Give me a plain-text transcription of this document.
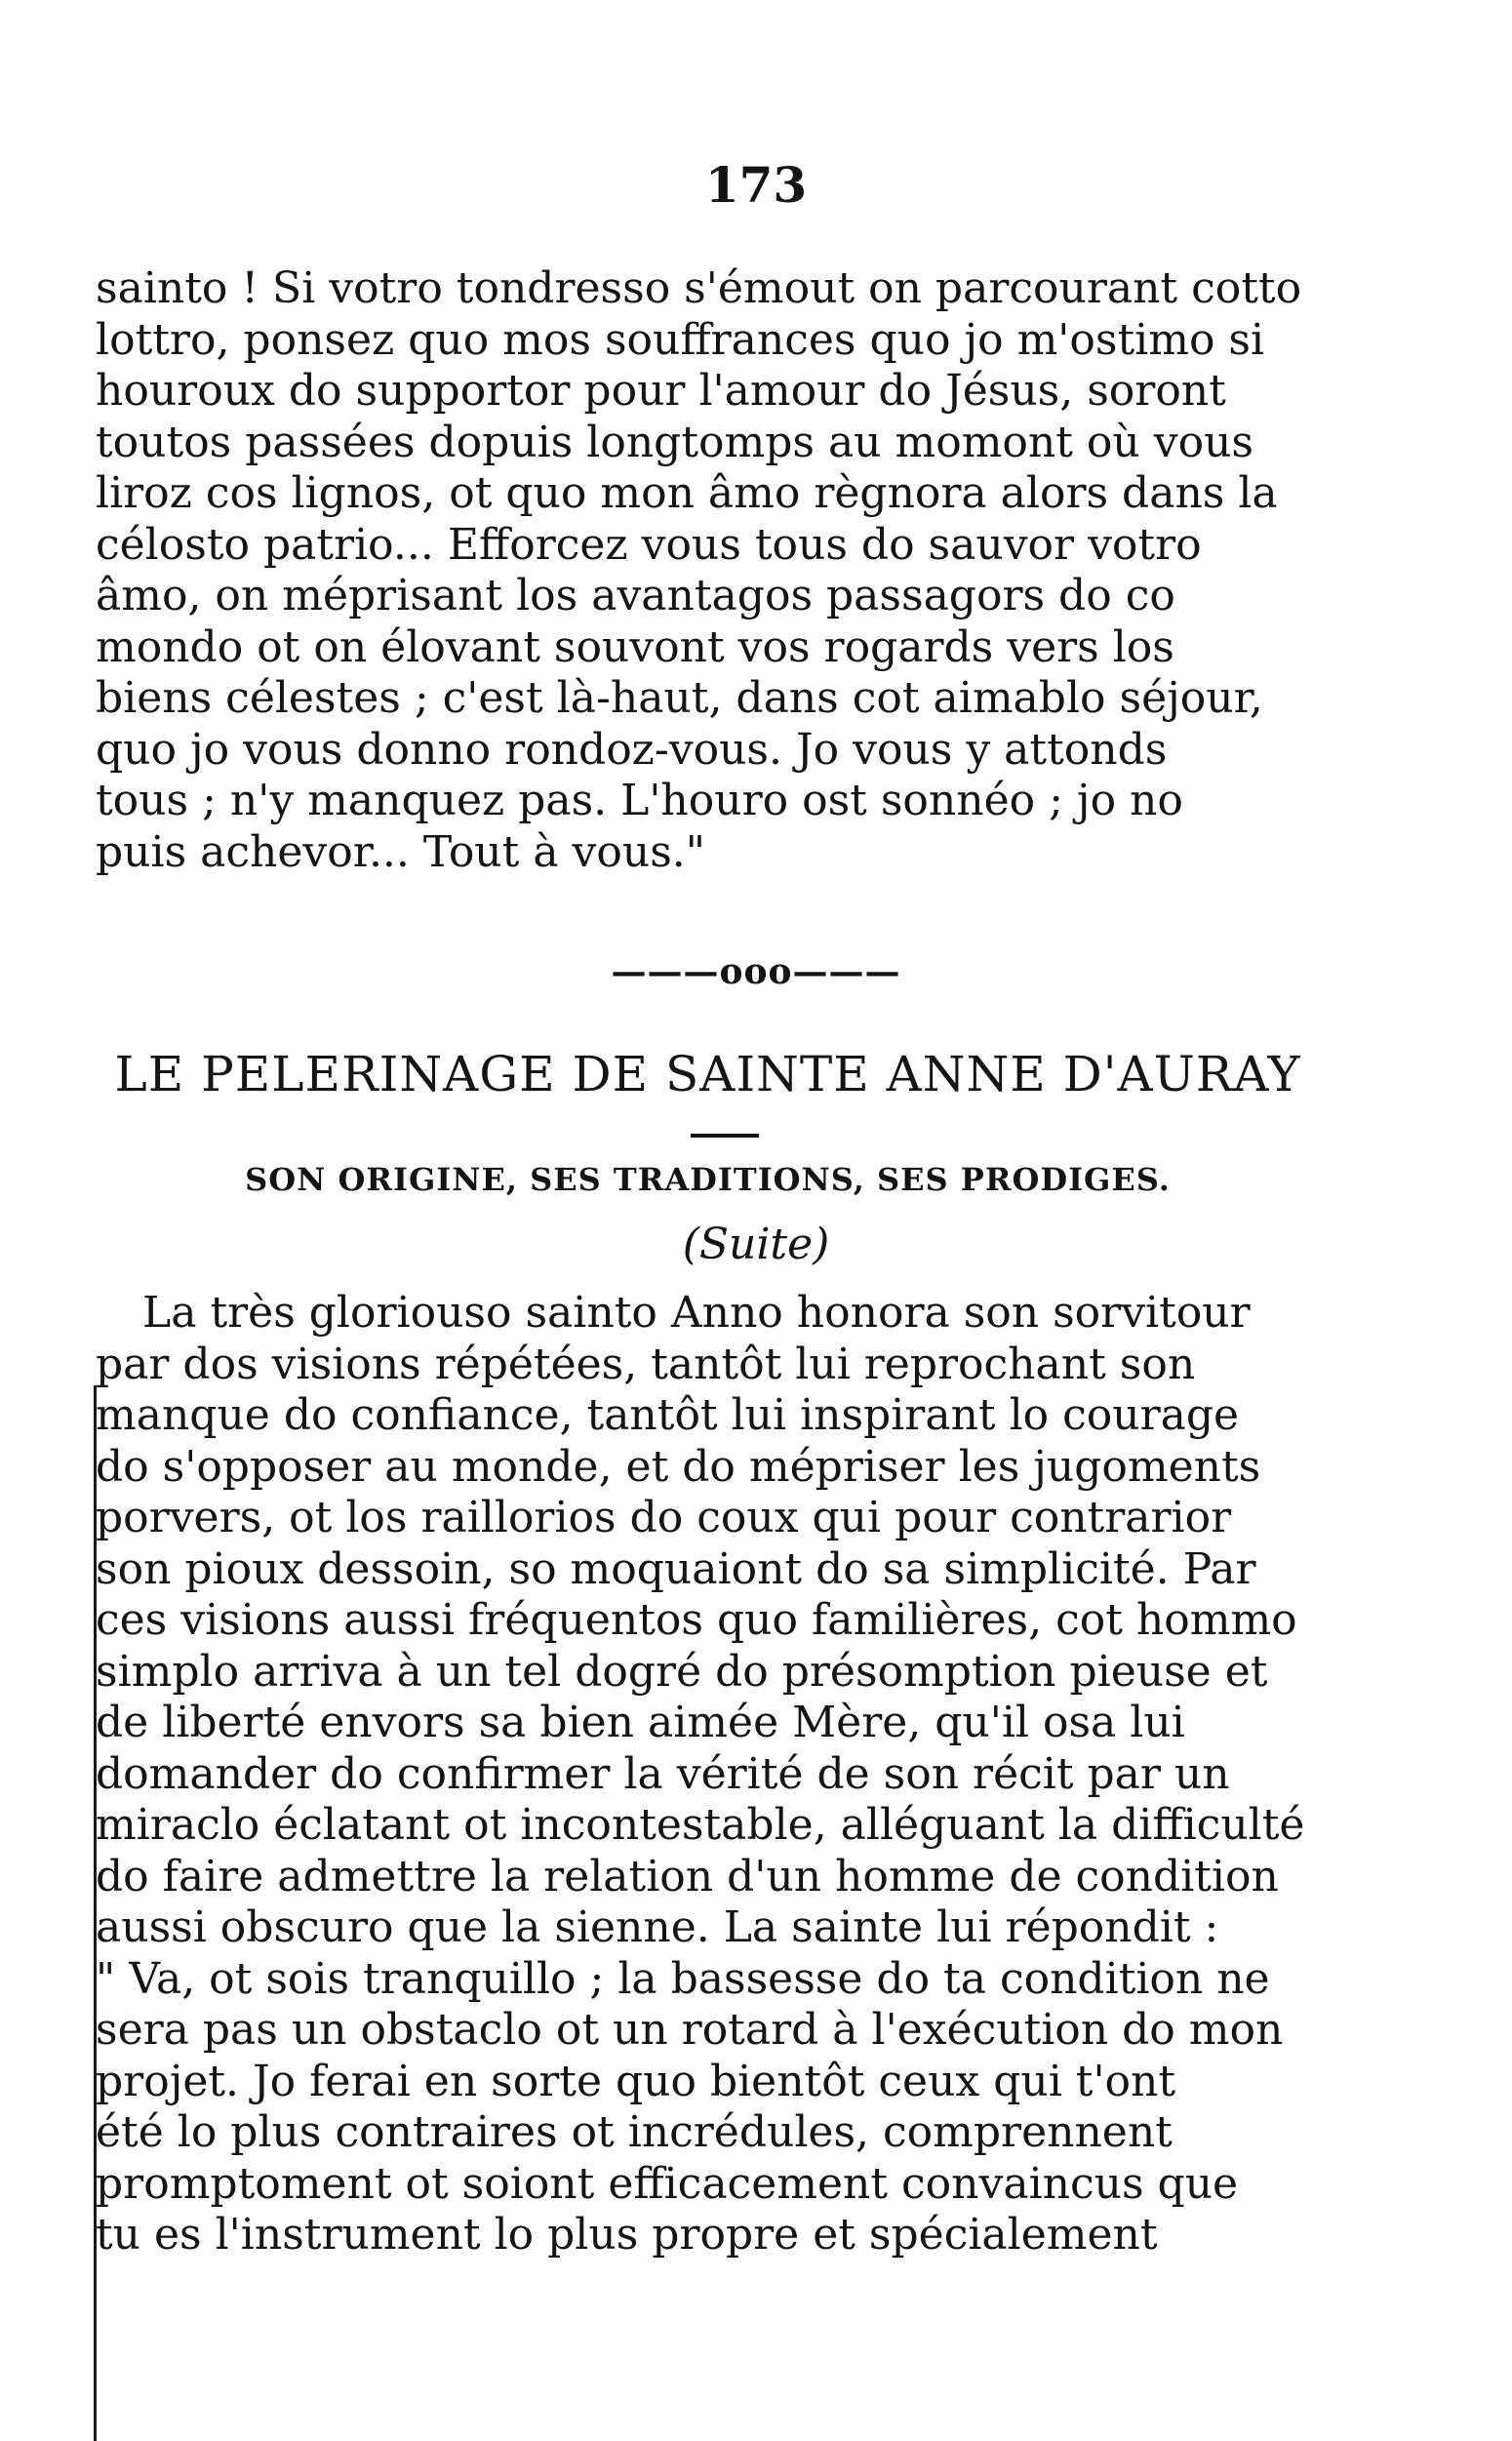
173
sainto ! Si votro tondresso s'émout on parcourant cotto
lottro, ponsez quo mos souffrances quo jo m'ostimo si
houroux do supportor pour l'amour do Jésus, soront
toutos passées dopuis longtomps au momont où vous
liroz cos lignos, ot quo mon âmo règnora alors dans la
célosto patrio... Efforcez vous tous do sauvor votro
âmo, on méprisant los avantagos passagors do co
mondo ot on élovant souvont vos rogards vers los
biens célestes ; c'est là-haut, dans cot aimablo séjour,
quo jo vous donno rondoz-vous. Jo vous y attonds
tous ; n'y manquez pas. L'houro ost sonnéo ; jo no
puis achevor... Tout à vous."
———ooo———
LE PELERINAGE DE SAINTE ANNE D'AURAY
SON ORIGINE, SES TRADITIONS, SES PRODIGES.
(Suite)
La très gloriouso sainto Anno honora son sorvitour
par dos visions répétées, tantôt lui reprochant son
manque do confiance, tantôt lui inspirant lo courage
do s'opposer au monde, et do mépriser les jugoments
porvers, ot los railloriοs do coux qui pour contrarior
son pioux dessoin, so moquaiont do sa simplicité. Par
ces visions aussi fréquentos quo familières, cot hommo
simplo arriva à un tel dogré do présomption pieuse et
de liberté envors sa bien aimée Mère, qu'il osa lui
domander do confirmer la vérité de son récit par un
miraclo éclatant ot incontestable, alléguant la difficulté
do faire admettre la relation d'un homme de condition
aussi obscuro que la sienne. La sainte lui répondit :
" Va, ot sois tranquillo ; la bassesse do ta condition ne
sera pas un obstaclo ot un rotard à l'exécution do mon
projet. Jo ferai en sorte quo bientôt ceux qui t'ont
été lo plus contraires ot incrédules, comprennent
promptoment ot soiont efficacement convaincus que
tu es l'instrument lo plus propre et spécialement
